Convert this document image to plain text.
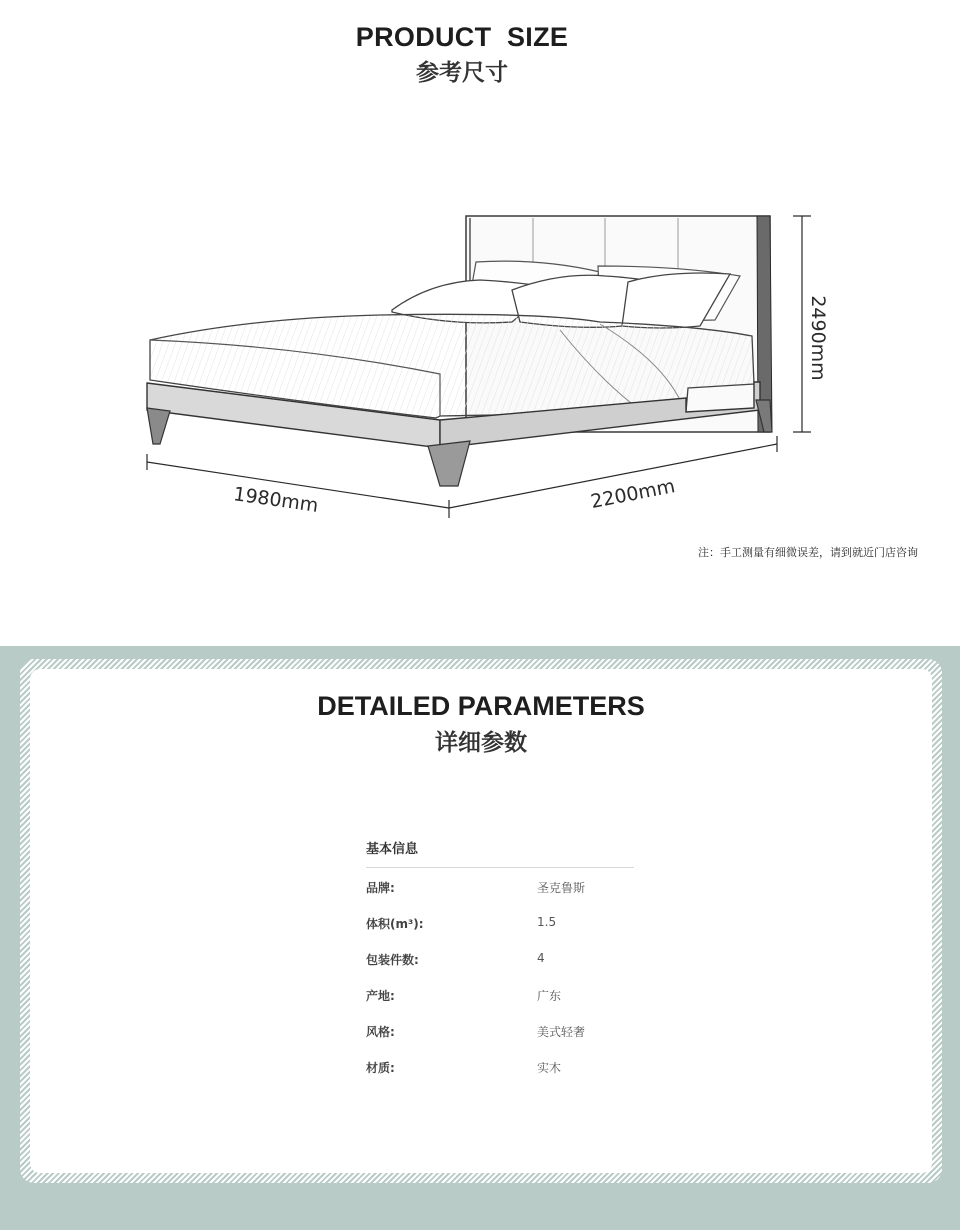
PRODUCT  SIZE
参考尺寸
1980mm	2200mm
2490mm
注：手工测量有细微误差，请到就近门店咨询
DETAILED PARAMETERS
详细参数
基本信息
品牌:	圣克鲁斯
体积(m³):	1.5
包装件数:	4
产地:	广东
风格:	美式轻奢
材质:	实木
